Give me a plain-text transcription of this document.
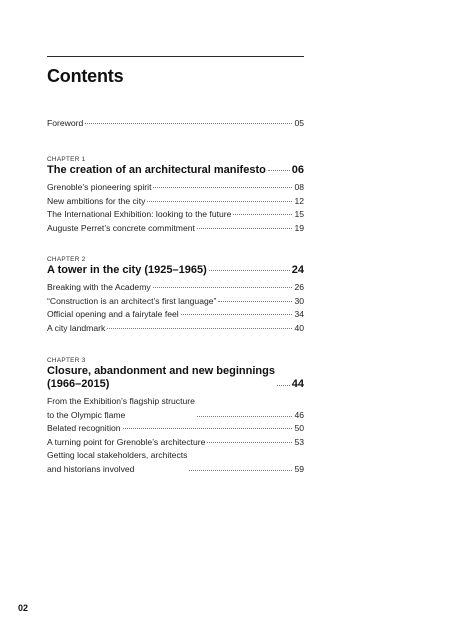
Contents
Foreword	05
CHAPTER 1
The creation of an architectural manifesto 06
Grenoble’s pioneering spirit	08
New ambitions for the city	12
The International Exhibition: looking to the future	15
Auguste Perret’s concrete commitment	19
CHAPTER 2
A tower in the city (1925–1965)	24
Breaking with the Academy	26
“Construction is an architect’s first language”	30
Official opening and a fairytale feel	34
A city landmark	40
CHAPTER 3
Closure, abandonment and new beginnings
(1966–2015)	44
From the Exhibition’s flagship structure
to the Olympic flame	46
Belated recognition	50
A turning point for Grenoble’s architecture	53
Getting local stakeholders, architects
and historians involved	59
02
